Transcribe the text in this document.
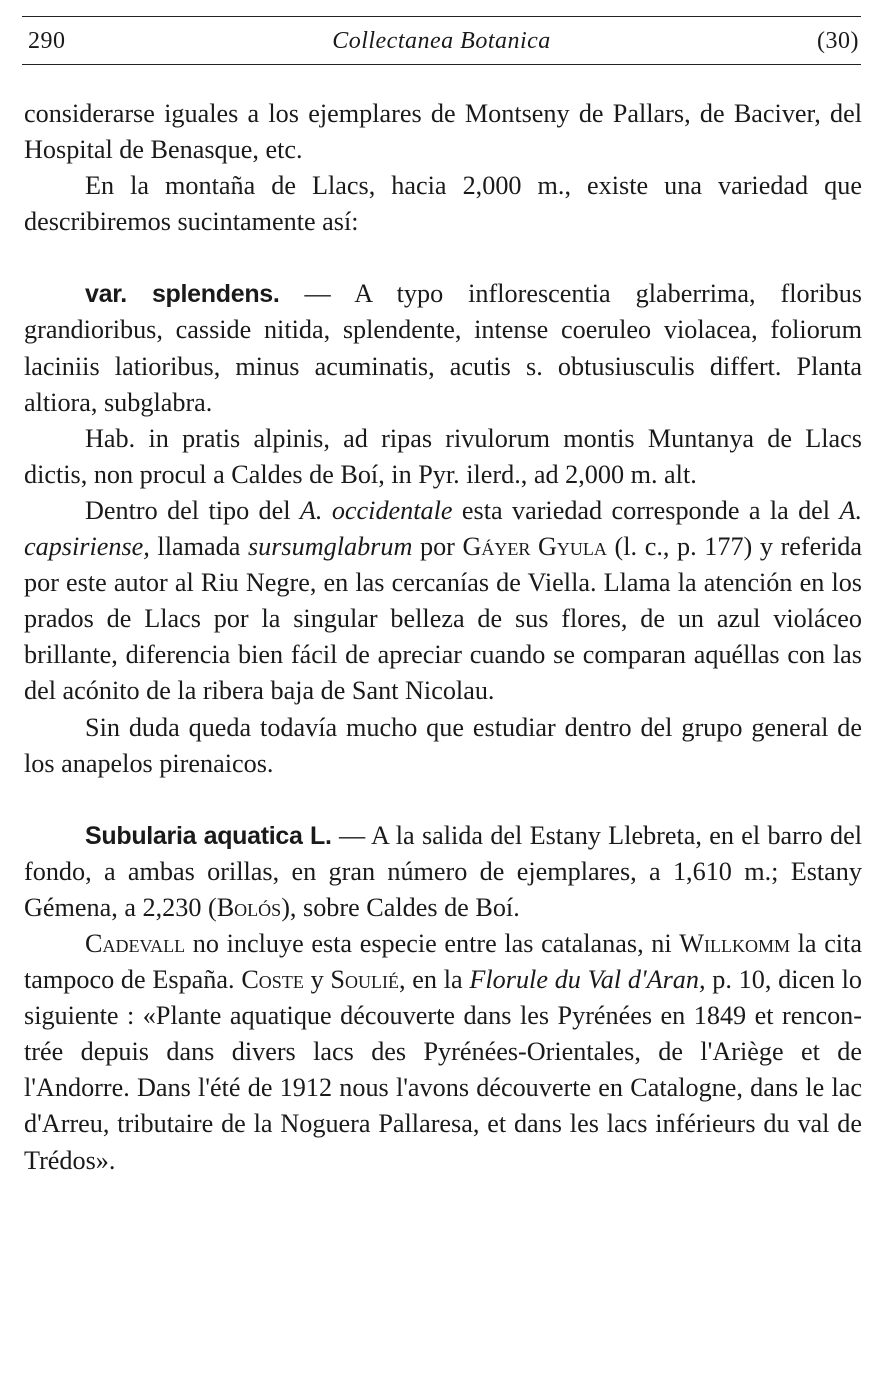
290	Collectanea Botanica	(30)

considerarse iguales a los ejemplares de Montseny de Pallars, de Baciver, del Hospital de Benasque, etc.

En la montaña de Llacs, hacia 2,000 m., existe una variedad que describiremos sucintamente así:

var. splendens. — A typo inflorescentia glaberrima, floribus grandioribus, casside nitida, splendente, intense coeruleo violacea, foliorum laciniis latioribus, minus acuminatis, acutis s. obtusiusculis differt. Planta altiora, subglabra.

Hab. in pratis alpinis, ad ripas rivulorum montis Muntanya de Llacs dictis, non procul a Caldes de Boí, in Pyr. ilerd., ad 2,000 m. alt.

Dentro del tipo del A. occidentale esta variedad corresponde a la del A. capsiriense, llamada sursumglabrum por Gáyer Gyula (l. c., p. 177) y referida por este autor al Riu Negre, en las cercanías de Viella. Llama la atención en los prados de Llacs por la singular belleza de sus flores, de un azul violáceo brillante, diferencia bien fácil de apreciar cuando se comparan aquéllas con las del acónito de la ribera baja de Sant Nicolau.

Sin duda queda todavía mucho que estudiar dentro del grupo general de los anapelos pirenaicos.

Subularia aquatica L. — A la salida del Estany Llebreta, en el barro del fondo, a ambas orillas, en gran número de ejemplares, a 1,610 m.; Estany Gémena, a 2,230 (Bolós), sobre Caldes de Boí.

Cadevall no incluye esta especie entre las catalanas, ni Willkomm la cita tampoco de España. Coste y Soulié, en la Florule du Val d'Aran, p. 10, dicen lo siguiente : «Plante aquatique découverte dans les Pyrénées en 1849 et rencontrée depuis dans divers lacs des Pyrénées-Orientales, de l'Ariège et de l'Andorre. Dans l'été de 1912 nous l'avons découverte en Catalogne, dans le lac d'Arreu, tributaire de la Noguera Pallaresa, et dans les lacs inférieurs du val de Trédos».
